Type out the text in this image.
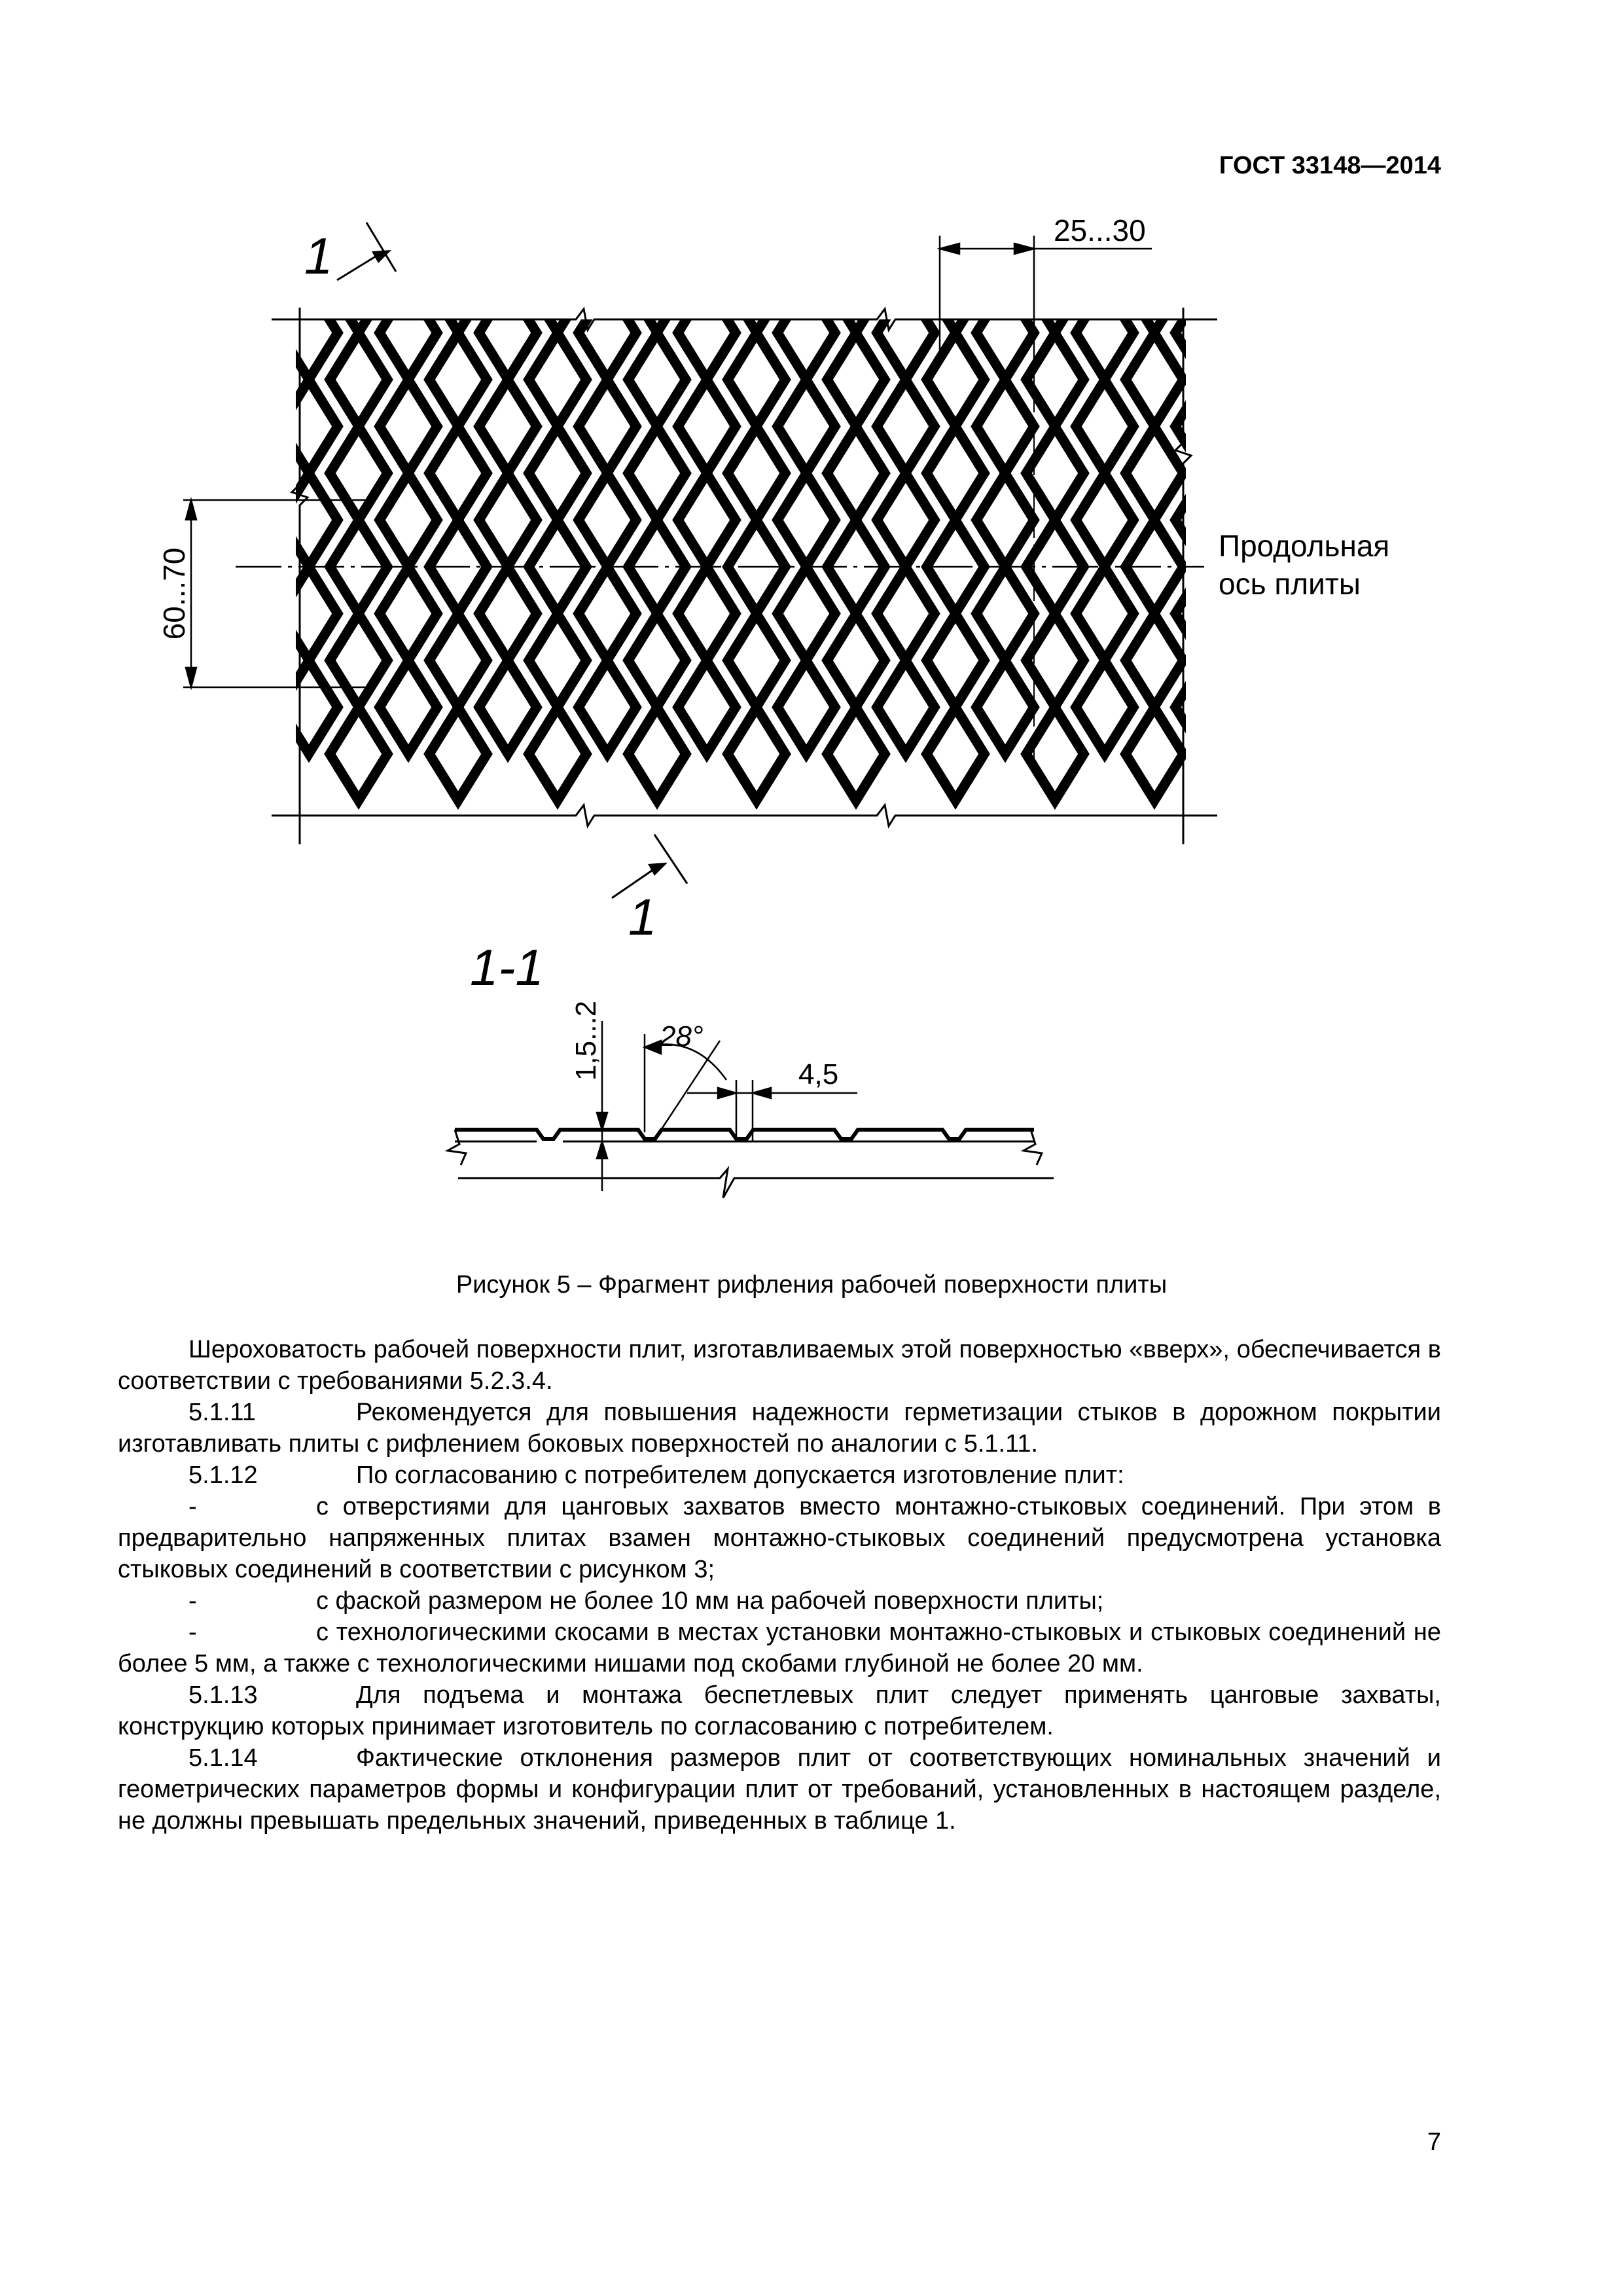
ГОСТ 33148—2014
25...30
60...70
Продольная
ось плиты
1
1
1-1
1,5...2 28°
4,5
Рисунок 5 – Фрагмент рифления рабочей поверхности плиты

Шероховатость рабочей поверхности плит, изготавливаемых этой поверхностью «вверх», обеспечивается в соответствии с требованиями 5.2.3.4.

5.1.11	Рекомендуется для повышения надежности герметизации стыков в дорожном покрытии изготавливать плиты с рифлением боковых поверхностей по аналогии с 5.1.11.

5.1.12	По согласованию с потребителем допускается изготовление плит:

-	с отверстиями для цанговых захватов вместо монтажно-стыковых соединений. При этом в предварительно напряженных плитах взамен монтажно-стыковых соединений предусмотрена установка стыковых соединений в соответствии с рисунком 3;

-	с фаской размером не более 10 мм на рабочей поверхности плиты;

-	с технологическими скосами в местах установки монтажно-стыковых и стыковых соединений не более 5 мм, а также с технологическими нишами под скобами глубиной не более 20 мм.

5.1.13	Для подъема и монтажа беспетлевых плит следует применять цанговые захваты, конструкцию которых принимает изготовитель по согласованию с потребителем.

5.1.14	Фактические отклонения размеров плит от соответствующих номинальных значений и геометрических параметров формы и конфигурации плит от требований, установленных в настоящем разделе, не должны превышать предельных значений, приведенных в таблице 1.

7
